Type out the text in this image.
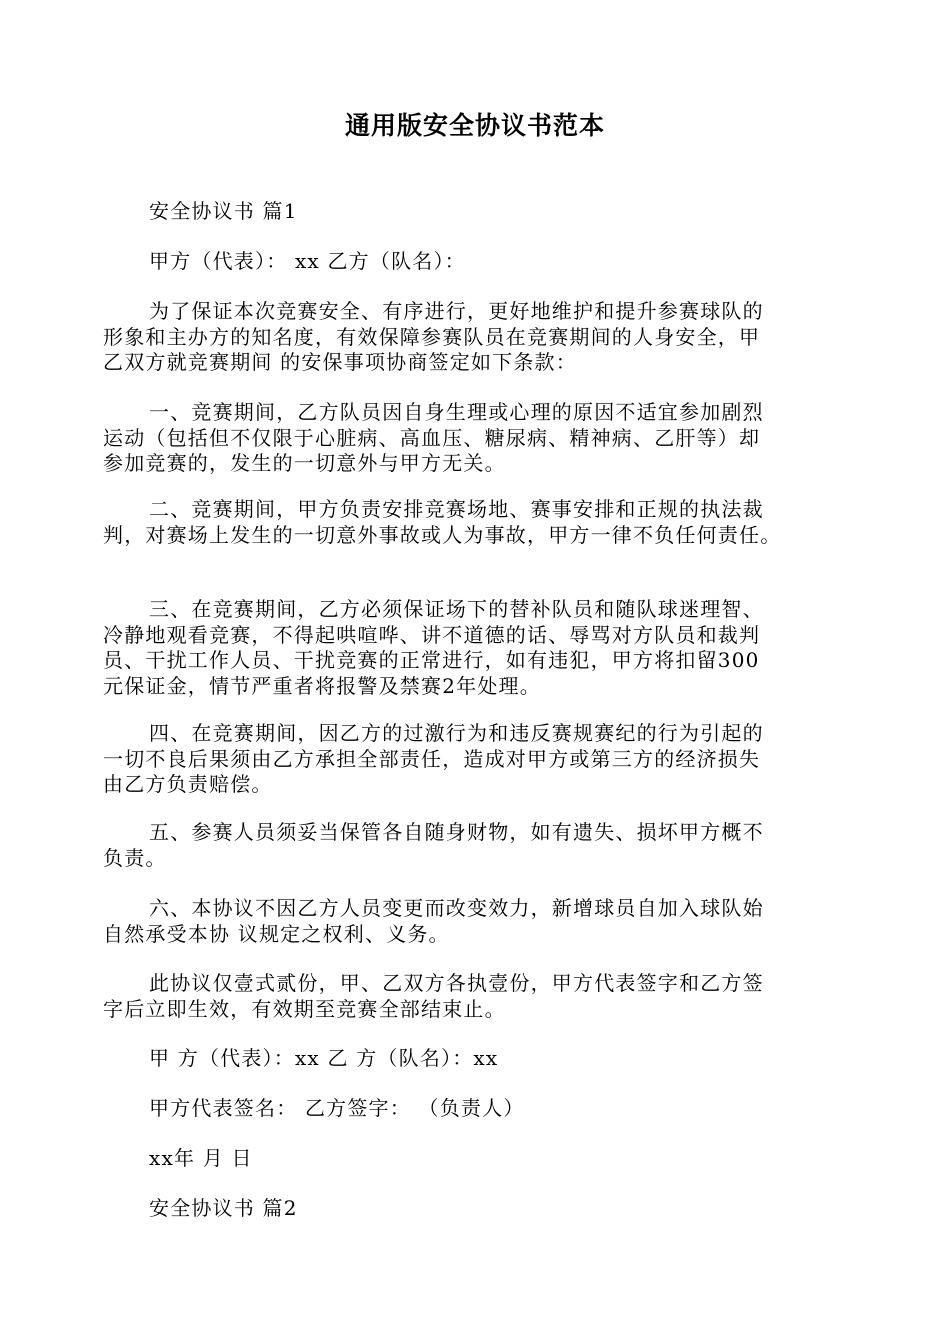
通用版安全协议书范本
安全协议书 篇1
甲方（代表）： xx 乙方（队名）：
为了保证本次竞赛安全、有序进行，更好地维护和提升参赛球队的
形象和主办方的知名度，有效保障参赛队员在竞赛期间的人身安全，甲
乙双方就竞赛期间 的安保事项协商签定如下条款：
一、竞赛期间，乙方队员因自身生理或心理的原因不适宜参加剧烈
运动（包括但不仅限于心脏病、高血压、糖尿病、精神病、乙肝等）却
参加竞赛的，发生的一切意外与甲方无关。
二、竞赛期间，甲方负责安排竞赛场地、赛事安排和正规的执法裁
判，对赛场上发生的一切意外事故或人为事故，甲方一律不负任何责任。
三、在竞赛期间，乙方必须保证场下的替补队员和随队球迷理智、
冷静地观看竞赛，不得起哄喧哗、讲不道德的话、辱骂对方队员和裁判
员、干扰工作人员、干扰竞赛的正常进行，如有违犯，甲方将扣留300
元保证金，情节严重者将报警及禁赛2年处理。
四、在竞赛期间，因乙方的过激行为和违反赛规赛纪的行为引起的
一切不良后果须由乙方承担全部责任，造成对甲方或第三方的经济损失
由乙方负责赔偿。
五、参赛人员须妥当保管各自随身财物，如有遗失、损坏甲方概不
负责。
六、本协议不因乙方人员变更而改变效力，新增球员自加入球队始
自然承受本协 议规定之权利、义务。
此协议仅壹式贰份，甲、乙双方各执壹份，甲方代表签字和乙方签
字后立即生效，有效期至竞赛全部结束止。
甲 方（代表）：xx 乙 方（队名）：xx
甲方代表签名： 乙方签字： （负责人）
xx年 月 日
安全协议书 篇2
